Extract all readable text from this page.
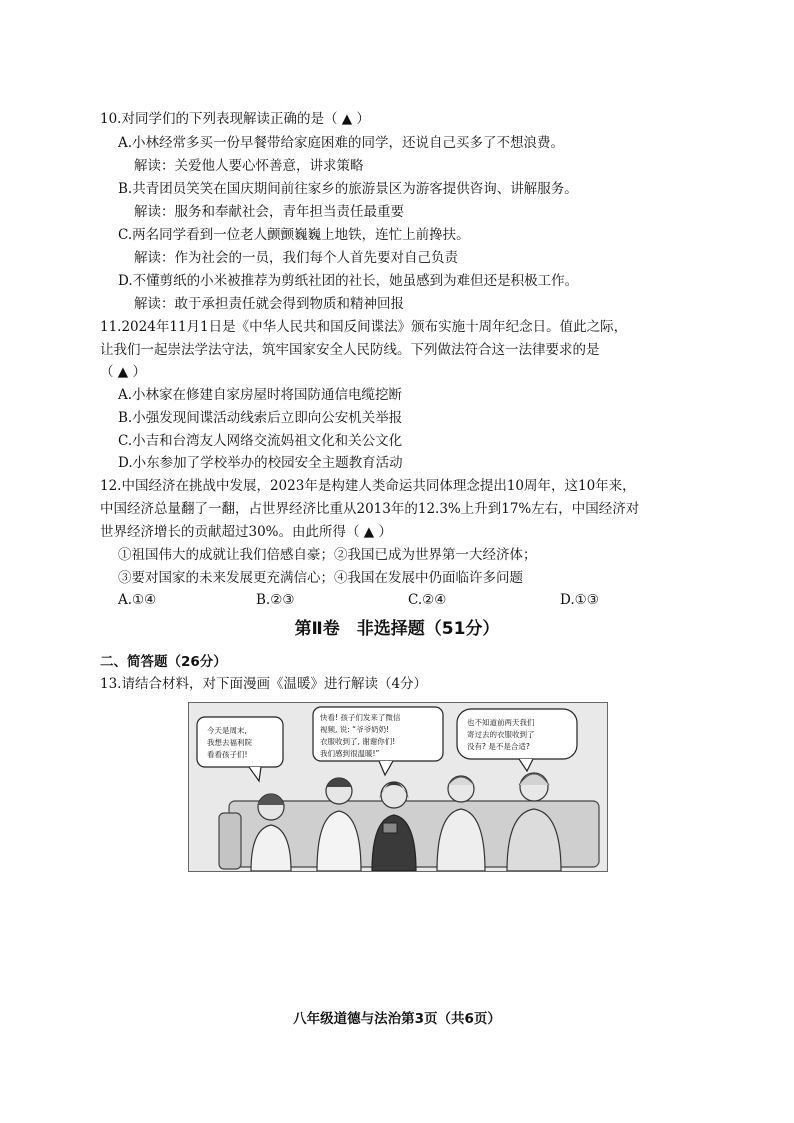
10.对同学们的下列表现解读正确的是（ ▲ ）
A.小林经常多买一份早餐带给家庭困难的同学，还说自己买多了不想浪费。
解读：关爱他人要心怀善意，讲求策略
B.共青团员笑笑在国庆期间前往家乡的旅游景区为游客提供咨询、讲解服务。
解读：服务和奉献社会，青年担当责任最重要
C.两名同学看到一位老人颤颤巍巍上地铁，连忙上前搀扶。
解读：作为社会的一员，我们每个人首先要对自己负责
D.不懂剪纸的小米被推荐为剪纸社团的社长，她虽感到为难但还是积极工作。
解读：敢于承担责任就会得到物质和精神回报
11.2024年11月1日是《中华人民共和国反间谍法》颁布实施十周年纪念日。值此之际，
让我们一起崇法学法守法，筑牢国家安全人民防线。下列做法符合这一法律要求的是
（ ▲ ）
A.小林家在修建自家房屋时将国防通信电缆挖断
B.小强发现间谍活动线索后立即向公安机关举报
C.小吉和台湾友人网络交流妈祖文化和关公文化
D.小东参加了学校举办的校园安全主题教育活动
12.中国经济在挑战中发展，2023年是构建人类命运共同体理念提出10周年，这10年来，
中国经济总量翻了一翻，占世界经济比重从2013年的12.3%上升到17%左右，中国经济对
世界经济增长的贡献超过30%。由此所得（ ▲ ）
①祖国伟大的成就让我们倍感自豪；②我国已成为世界第一大经济体；
③要对国家的未来发展更充满信心；④我国在发展中仍面临许多问题
A.①④	B.②③	C.②④	D.①③
第Ⅱ卷　非选择题（51分）
二、简答题（26分）
13.请结合材料，对下面漫画《温暖》进行解读（4分）
今天是周末,
我想去福利院
看看孩子们!
快看! 孩子们发来了微信
视频, 说: “爷爷奶奶!
衣服收到了, 谢谢你们!
我们感到很温暖!”
也不知道前两天我们
寄过去的衣服收到了
没有? 是不是合适?
八年级道德与法治第3页（共6页）
